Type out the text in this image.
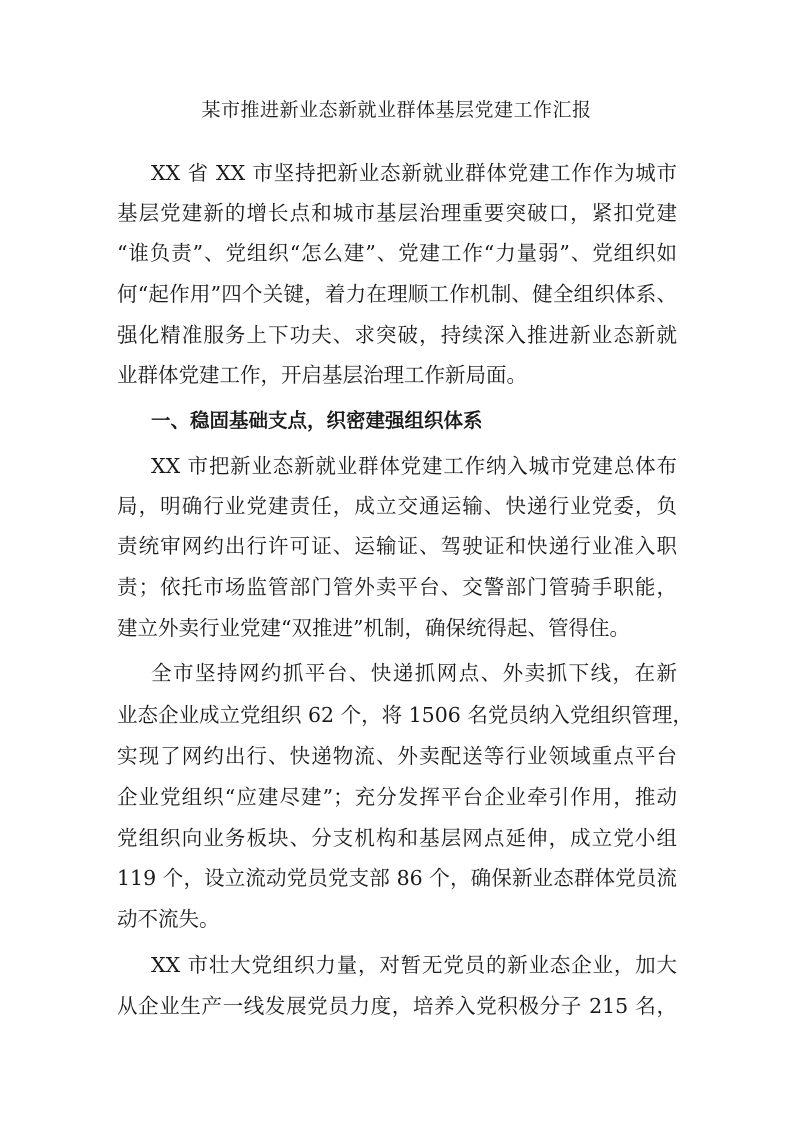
某市推进新业态新就业群体基层党建工作汇报
XX 省 XX 市坚持把新业态新就业群体党建工作作为城市
基层党建新的增长点和城市基层治理重要突破口，紧扣党建
“谁负责”、党组织“怎么建”、党建工作“力量弱”、党组织如
何“起作用”四个关键，着力在理顺工作机制、健全组织体系、
强化精准服务上下功夫、求突破，持续深入推进新业态新就
业群体党建工作，开启基层治理工作新局面。
一、稳固基础支点，织密建强组织体系
XX 市把新业态新就业群体党建工作纳入城市党建总体布
局，明确行业党建责任，成立交通运输、快递行业党委，负
责统审网约出行许可证、运输证、驾驶证和快递行业准入职
责；依托市场监管部门管外卖平台、交警部门管骑手职能，
建立外卖行业党建“双推进”机制，确保统得起、管得住。
全市坚持网约抓平台、快递抓网点、外卖抓下线，在新
业态企业成立党组织 62 个，将 1506 名党员纳入党组织管理，
实现了网约出行、快递物流、外卖配送等行业领域重点平台
企业党组织“应建尽建”；充分发挥平台企业牵引作用，推动
党组织向业务板块、分支机构和基层网点延伸，成立党小组
119 个，设立流动党员党支部 86 个，确保新业态群体党员流
动不流失。
XX 市壮大党组织力量，对暂无党员的新业态企业，加大
从企业生产一线发展党员力度，培养入党积极分子 215 名，
